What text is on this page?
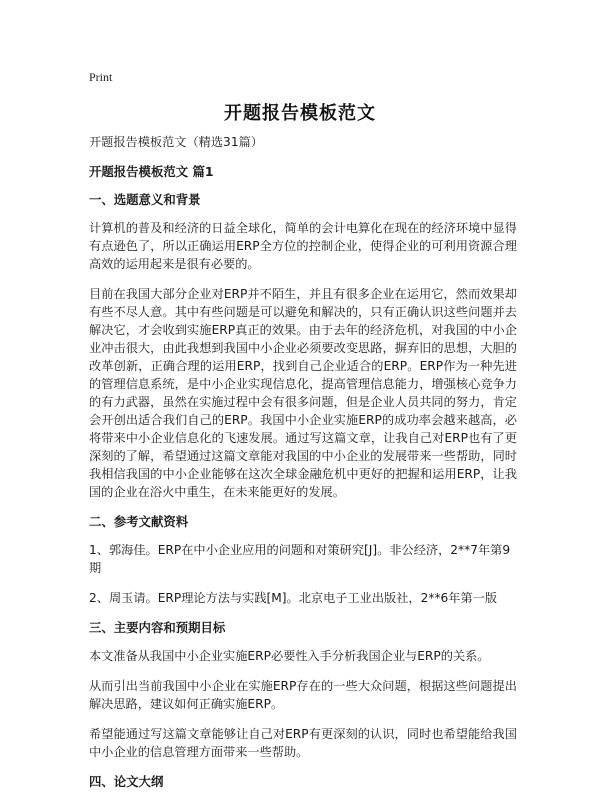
Print
开题报告模板范文
开题报告模板范文（精选31篇）
开题报告模板范文 篇1
一、选题意义和背景
计算机的普及和经济的日益全球化，简单的会计电算化在现在的经济环境中显得有点逊色了，所以正确运用ERP全方位的控制企业，使得企业的可利用资源合理高效的运用起来是很有必要的。
目前在我国大部分企业对ERP并不陌生，并且有很多企业在运用它，然而效果却有些不尽人意。其中有些问题是可以避免和解决的，只有正确认识这些问题并去解决它，才会收到实施ERP真正的效果。由于去年的经济危机，对我国的中小企业冲击很大，由此我想到我国中小企业必须要改变思路，摒弃旧的思想，大胆的改革创新，正确合理的运用ERP，找到自己企业适合的ERP。ERP作为一种先进的管理信息系统，是中小企业实现信息化，提高管理信息能力，增强核心竞争力的有力武器，虽然在实施过程中会有很多问题，但是企业人员共同的努力，肯定会开创出适合我们自己的ERP。我国中小企业实施ERP的成功率会越来越高，必将带来中小企业信息化的飞速发展。通过写这篇文章，让我自己对ERP也有了更深刻的了解，希望通过这篇文章能对我国的中小企业的发展带来一些帮助，同时我相信我国的中小企业能够在这次全球金融危机中更好的把握和运用ERP，让我国的企业在浴火中重生，在未来能更好的发展。
二、参考文献资料
1、郭海佳。ERP在中小企业应用的问题和对策研究[J]。非公经济，2**7年第9期
2、周玉请。ERP理论方法与实践[M]。北京电子工业出版社，2**6年第一版
三、主要内容和预期目标
本文准备从我国中小企业实施ERP必要性入手分析我国企业与ERP的关系。
从而引出当前我国中小企业在实施ERP存在的一些大众问题，根据这些问题提出解决思路，建议如何正确实施ERP。
希望能通过写这篇文章能够让自己对ERP有更深刻的认识，同时也希望能给我国中小企业的信息管理方面带来一些帮助。
四、论文大纲
